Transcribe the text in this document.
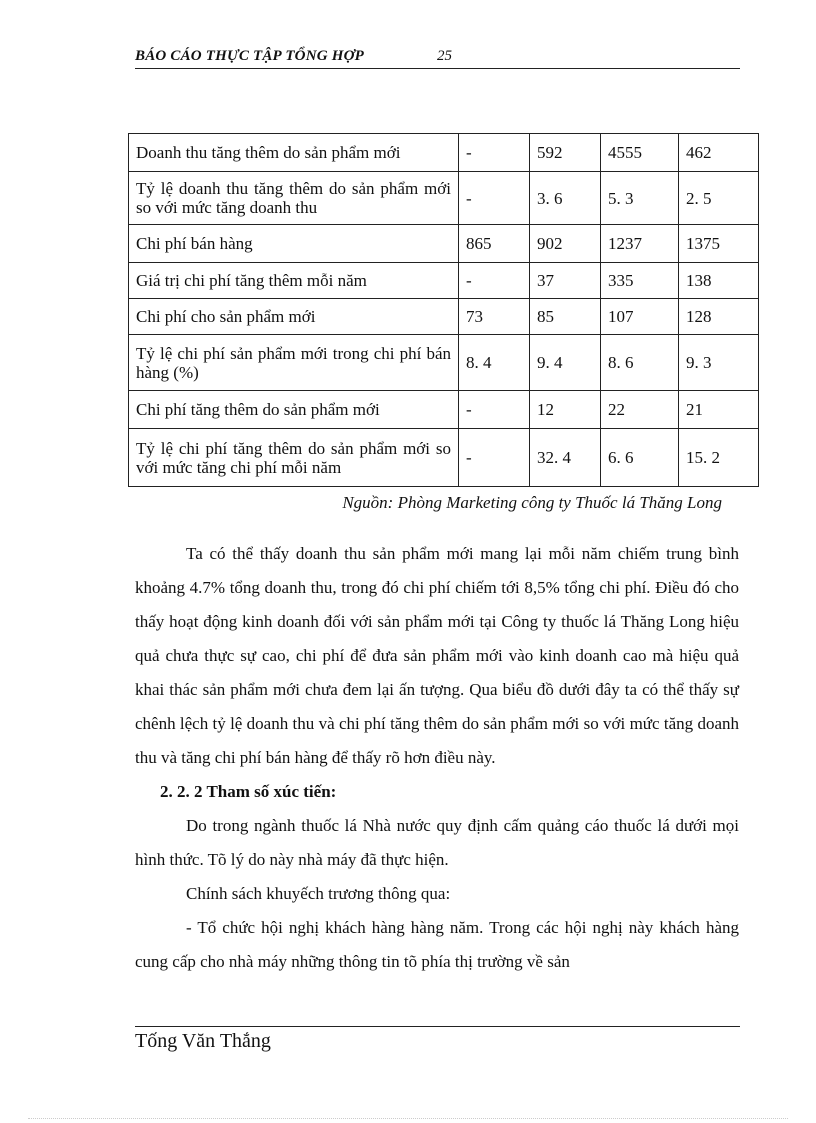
BÁO CÁO THỰC TẬP TỔNG HỢP	25
Doanh thu tăng thêm do sản phẩm mới	-	592	4555	462
Tỷ lệ doanh thu tăng thêm do sản phẩm mới so với mức tăng doanh thu	-	3. 6	5. 3	2. 5
Chi phí bán hàng	865	902	1237	1375
Giá trị chi phí tăng thêm mỗi năm	-	37	335	138
Chi phí cho sản phẩm mới	73	85	107	128
Tỷ lệ chi phí sản phẩm mới trong chi phí bán hàng (%)	8. 4	9. 4	8. 6	9. 3
Chi phí tăng thêm do sản phẩm mới	-	12	22	21
Tỷ lệ chi phí tăng thêm do sản phẩm mới so với mức tăng chi phí mỗi năm	-	32. 4	6. 6	15. 2
Nguồn: Phòng Marketing công ty Thuốc lá Thăng Long

Ta có thể thấy doanh thu sản phẩm mới mang lại mỗi năm chiếm trung bình khoảng 4.7% tổng doanh thu, trong đó chi phí chiếm tới 8,5% tổng chi phí. Điều đó cho thấy hoạt động kinh doanh đối với sản phẩm mới tại Công ty thuốc lá Thăng Long hiệu quả chưa thực sự cao, chi phí để đưa sản phẩm mới vào kinh doanh cao mà hiệu quả khai thác sản phẩm mới chưa đem lại ấn tượng. Qua biểu đồ dưới đây ta có thể thấy sự chênh lệch tỷ lệ doanh thu và chi phí tăng thêm do sản phẩm mới so với mức tăng doanh thu và tăng chi phí bán hàng để thấy rõ hơn điều này.

2. 2. 2 Tham số xúc tiến:

Do trong ngành thuốc lá Nhà nước quy định cấm quảng cáo thuốc lá dưới mọi hình thức. Tõ lý do này nhà máy đã thực hiện.

Chính sách khuyếch trương thông qua:

- Tổ chức hội nghị khách hàng hàng năm. Trong các hội nghị này khách hàng cung cấp cho nhà máy những thông tin tõ phía thị trường về sản

Tống Văn Thắng
